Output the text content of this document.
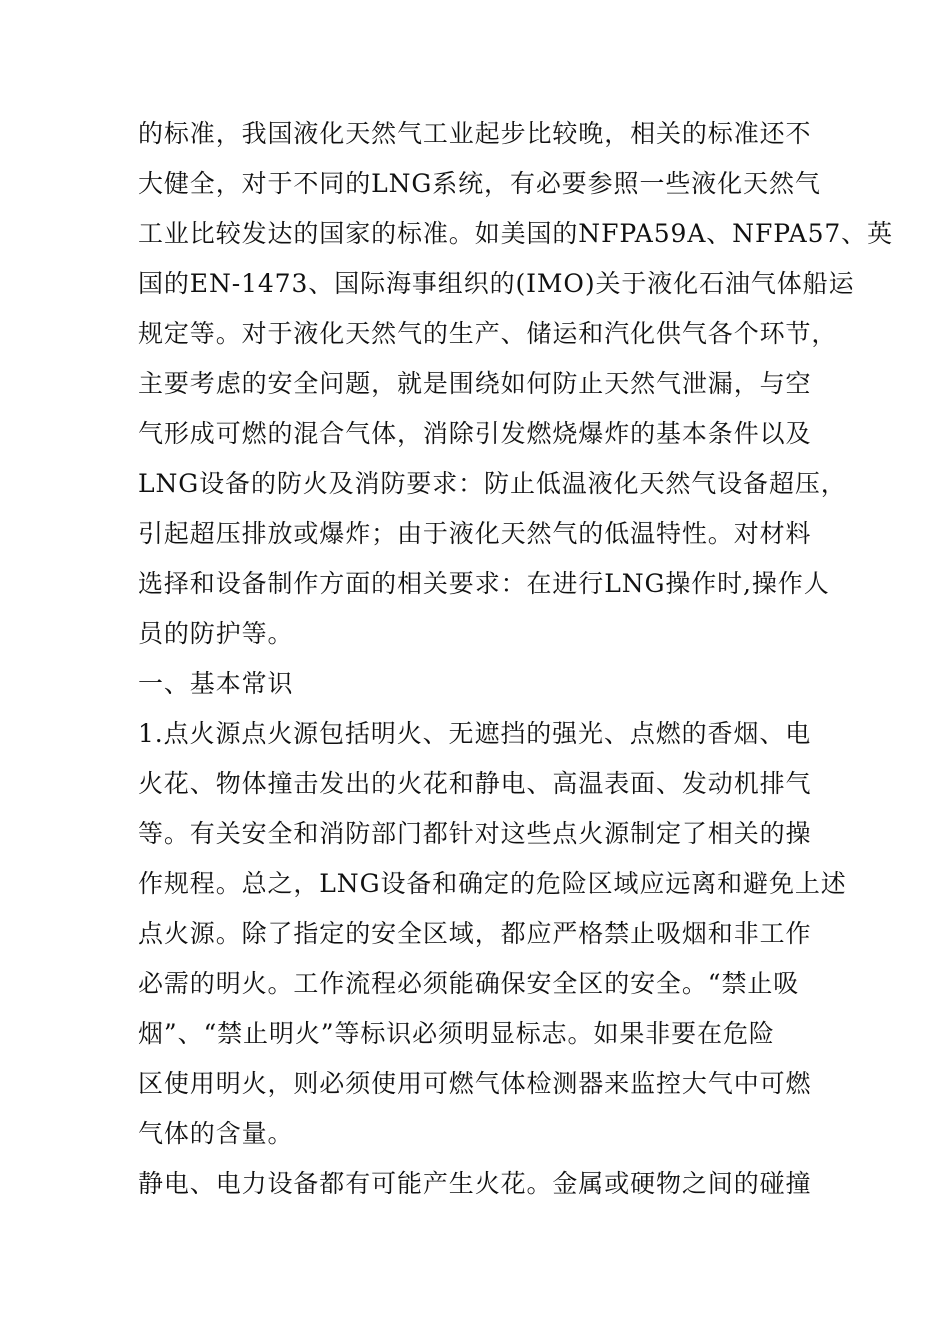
的标准，我国液化天然气工业起步比较晚，相关的标准还不
大健全，对于不同的LNG系统，有必要参照一些液化天然气
工业比较发达的国家的标准。如美国的NFPA59A、NFPA57、英
国的EN-1473、国际海事组织的(IMO)关于液化石油气体船运
规定等。对于液化天然气的生产、储运和汽化供气各个环节，
主要考虑的安全问题，就是围绕如何防止天然气泄漏，与空
气形成可燃的混合气体，消除引发燃烧爆炸的基本条件以及
LNG设备的防火及消防要求：防止低温液化天然气设备超压，
引起超压排放或爆炸；由于液化天然气的低温特性。对材料
选择和设备制作方面的相关要求：在进行LNG操作时,操作人
员的防护等。
一、基本常识
1.点火源点火源包括明火、无遮挡的强光、点燃的香烟、电
火花、物体撞击发出的火花和静电、高温表面、发动机排气
等。有关安全和消防部门都针对这些点火源制定了相关的操
作规程。总之，LNG设备和确定的危险区域应远离和避免上述
点火源。除了指定的安全区域，都应严格禁止吸烟和非工作
必需的明火。工作流程必须能确保安全区的安全。“禁止吸
烟”、“禁止明火”等标识必须明显标志。如果非要在危险
区使用明火，则必须使用可燃气体检测器来监控大气中可燃
气体的含量。
静电、电力设备都有可能产生火花。金属或硬物之间的碰撞
